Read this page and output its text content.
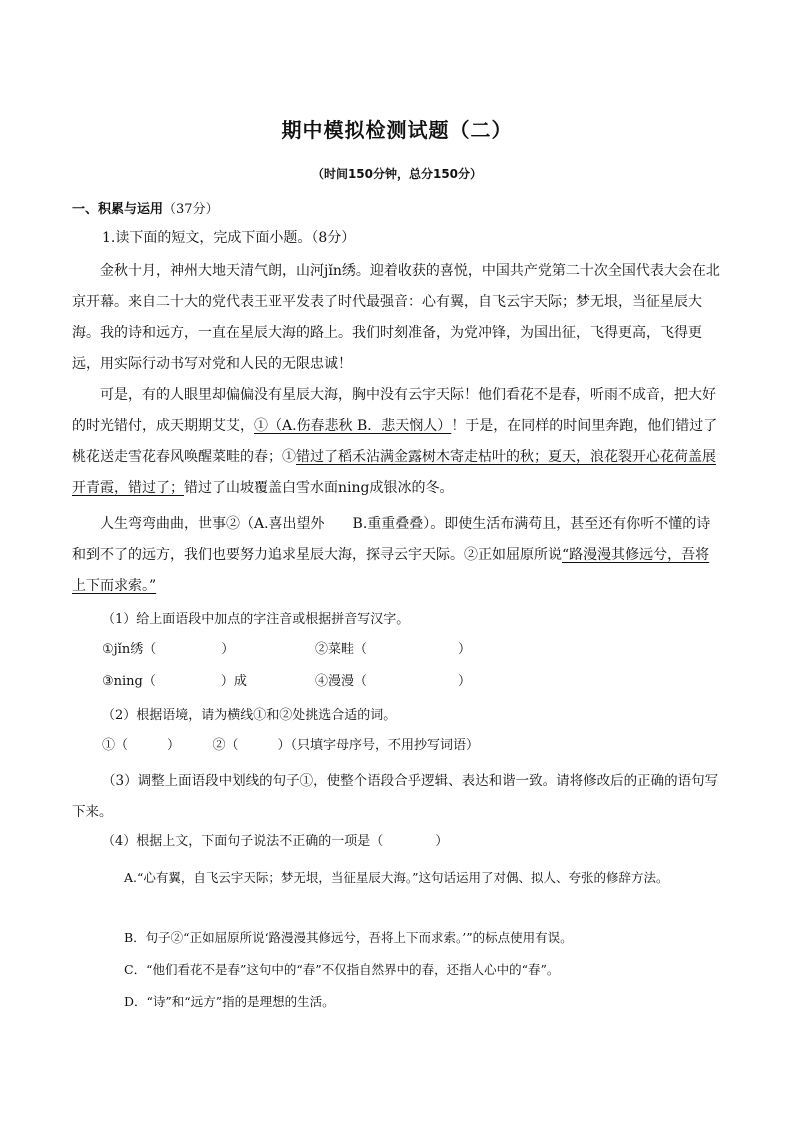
期中模拟检测试题（二）
（时间150分钟，总分150分）
一、积累与运用（37分）
1.读下面的短文，完成下面小题。（8分）
金秋十月，神州大地天清气朗，山河jǐn绣。迎着收获的喜悦，中国共产党第二十次全国代表大会在北京开幕。来自二十大的党代表王亚平发表了时代最强音：心有翼，自飞云宇天际；梦无垠，当征星辰大海。我的诗和远方，一直在星辰大海的路上。我们时刻准备，为党冲锋，为国出征，飞得更高，飞得更远，用实际行动书写对党和人民的无限忠诚！
可是，有的人眼里却偏偏没有星辰大海，胸中没有云宇天际！他们看花不是春，听雨不成音，把大好的时光错付，成天期期艾艾，①（A.伤春悲秋 B．悲天悯人）！于是，在同样的时间里奔跑，他们错过了桃花送走雪花春风唤醒菜畦的春；①错过了稻禾沾满金露树木寄走枯叶的秋；夏天，浪花裂开心花荷盖展开青霞，错过了；错过了山坡覆盖白雪水面ning成银冰的冬。
人生弯弯曲曲，世事②（A.喜出望外　　B.重重叠叠）。即使生活布满苟且，甚至还有你听不懂的诗和到不了的远方，我们也要努力追求星辰大海，探寻云宇天际。②正如屈原所说“路漫漫其修远兮，吾将上下而求索。”
（1）给上面语段中加点的字注音或根据拼音写汉字。
①jǐn绣（　　　　　）	②菜畦（　　　　　　　）
③ning（　　　　　）成	④漫漫（　　　　　　　）
（2）根据语境，请为横线①和②处挑选合适的词。
①（　　　）　　　②（　　　）（只填字母序号，不用抄写词语）
（3）调整上面语段中划线的句子①，使整个语段合乎逻辑、表达和谐一致。请将修改后的正确的语句写下来。
（4）根据上文，下面句子说法不正确的一项是（　　　　）
A.“心有翼，自飞云宇天际；梦无垠，当征星辰大海。”这句话运用了对偶、拟人、夸张的修辞方法。
B．句子②“正如屈原所说‘路漫漫其修远兮，吾将上下而求索。’”的标点使用有误。
C．“他们看花不是春”这句中的“春”不仅指自然界中的春，还指人心中的“春”。
D．“诗”和“远方”指的是理想的生活。
